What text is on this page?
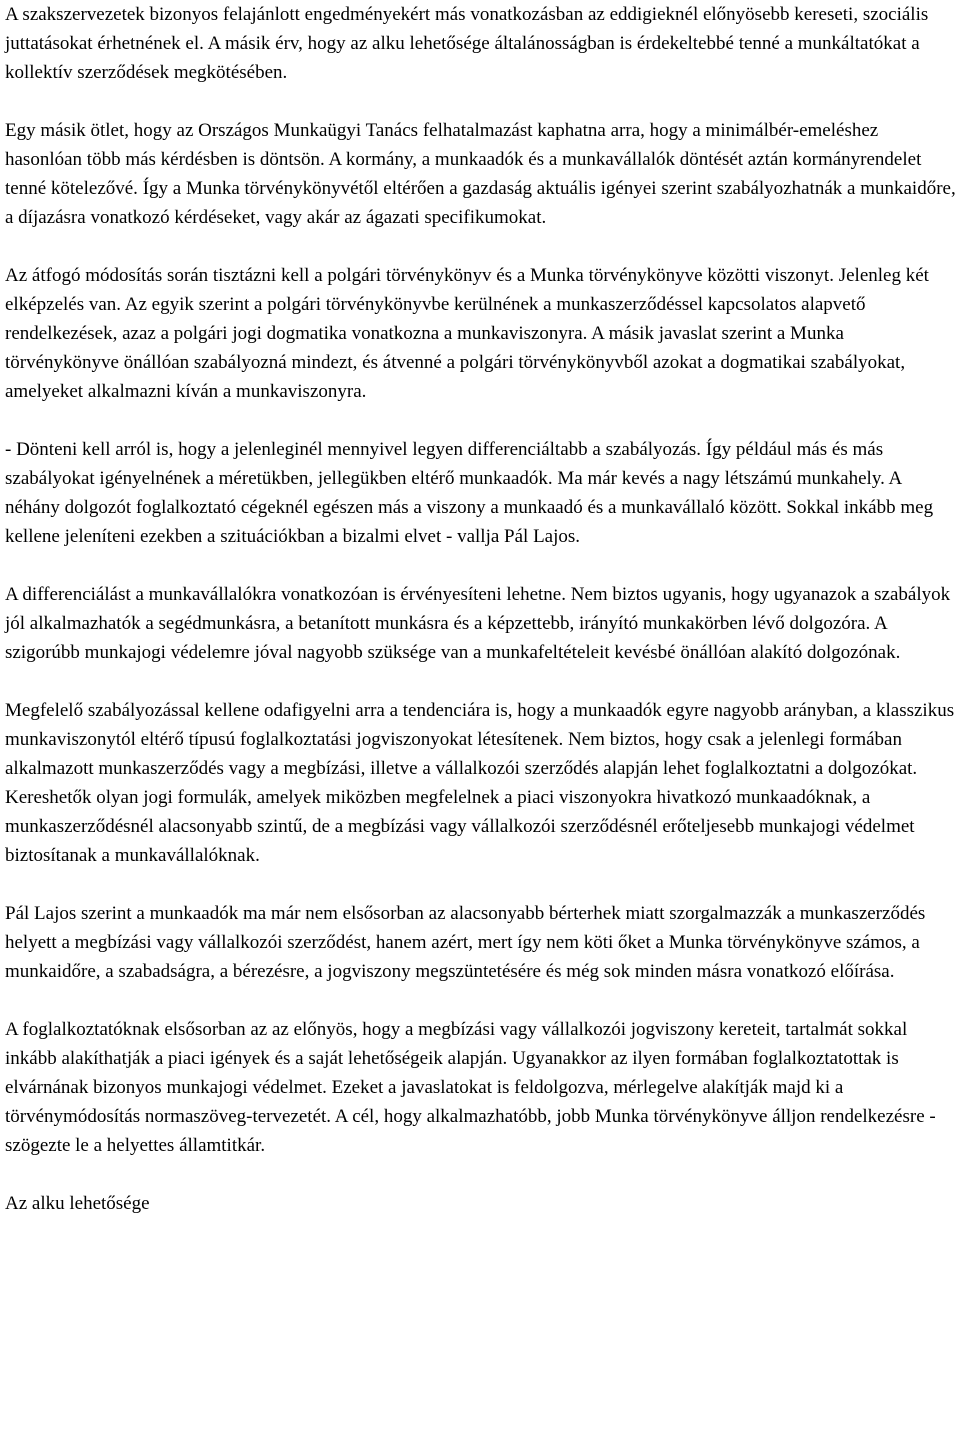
A szakszervezetek bizonyos felajánlott engedményekért más vonatkozásban az eddigieknél előnyösebb kereseti, szociális juttatásokat érhetnének el. A másik érv, hogy az alku lehetősége általánosságban is érdekeltebbé tenné a munkáltatókat a kollektív szerződések megkötésében.

Egy másik ötlet, hogy az Országos Munkaügyi Tanács felhatalmazást kaphatna arra, hogy a minimálbér-emeléshez hasonlóan több más kérdésben is döntsön. A kormány, a munkaadók és a munkavállalók döntését aztán kormányrendelet tenné kötelezővé. Így a Munka törvénykönyvétől eltérően a gazdaság aktuális igényei szerint szabályozhatnák a munkaidőre, a díjazásra vonatkozó kérdéseket, vagy akár az ágazati specifikumokat.

Az átfogó módosítás során tisztázni kell a polgári törvénykönyv és a Munka törvénykönyve közötti viszonyt. Jelenleg két elképzelés van. Az egyik szerint a polgári törvénykönyvbe kerülnének a munkaszerződéssel kapcsolatos alapvető rendelkezések, azaz a polgári jogi dogmatika vonatkozna a munkaviszonyra. A másik javaslat szerint a Munka törvénykönyve önállóan szabályozná mindezt, és átvenné a polgári törvénykönyvből azokat a dogmatikai szabályokat, amelyeket alkalmazni kíván a munkaviszonyra.

- Dönteni kell arról is, hogy a jelenleginél mennyivel legyen differenciáltabb a szabályozás. Így például más és más szabályokat igényelnének a méretükben, jellegükben eltérő munkaadók. Ma már kevés a nagy létszámú munkahely. A néhány dolgozót foglalkoztató cégeknél egészen más a viszony a munkaadó és a munkavállaló között. Sokkal inkább meg kellene jeleníteni ezekben a szituációkban a bizalmi elvet - vallja Pál Lajos.

A differenciálást a munkavállalókra vonatkozóan is érvényesíteni lehetne. Nem biztos ugyanis, hogy ugyanazok a szabályok jól alkalmazhatók a segédmunkásra, a betanított munkásra és a képzettebb, irányító munkakörben lévő dolgozóra. A szigorúbb munkajogi védelemre jóval nagyobb szüksége van a munkafeltételeit kevésbé önállóan alakító dolgozónak.

Megfelelő szabályozással kellene odafigyelni arra a tendenciára is, hogy a munkaadók egyre nagyobb arányban, a klasszikus munkaviszonytól eltérő típusú foglalkoztatási jogviszonyokat létesítenek. Nem biztos, hogy csak a jelenlegi formában alkalmazott munkaszerződés vagy a megbízási, illetve a vállalkozói szerződés alapján lehet foglalkoztatni a dolgozókat. Kereshetők olyan jogi formulák, amelyek miközben megfelelnek a piaci viszonyokra hivatkozó munkaadóknak, a munkaszerződésnél alacsonyabb szintű, de a megbízási vagy vállalkozói szerződésnél erőteljesebb munkajogi védelmet biztosítanak a munkavállalóknak.

Pál Lajos szerint a munkaadók ma már nem elsősorban az alacsonyabb bérterhek miatt szorgalmazzák a munkaszerződés helyett a megbízási vagy vállalkozói szerződést, hanem azért, mert így nem köti őket a Munka törvénykönyve számos, a munkaidőre, a szabadságra, a bérezésre, a jogviszony megszüntetésére és még sok minden másra vonatkozó előírása.

A foglalkoztatóknak elsősorban az az előnyös, hogy a megbízási vagy vállalkozói jogviszony kereteit, tartalmát sokkal inkább alakíthatják a piaci igények és a saját lehetőségeik alapján. Ugyanakkor az ilyen formában foglalkoztatottak is elvárnának bizonyos munkajogi védelmet. Ezeket a javaslatokat is feldolgozva, mérlegelve alakítják majd ki a törvénymódosítás normaszöveg-tervezetét. A cél, hogy alkalmazhatóbb, jobb Munka törvénykönyve álljon rendelkezésre - szögezte le a helyettes államtitkár.

Az alku lehetősége
